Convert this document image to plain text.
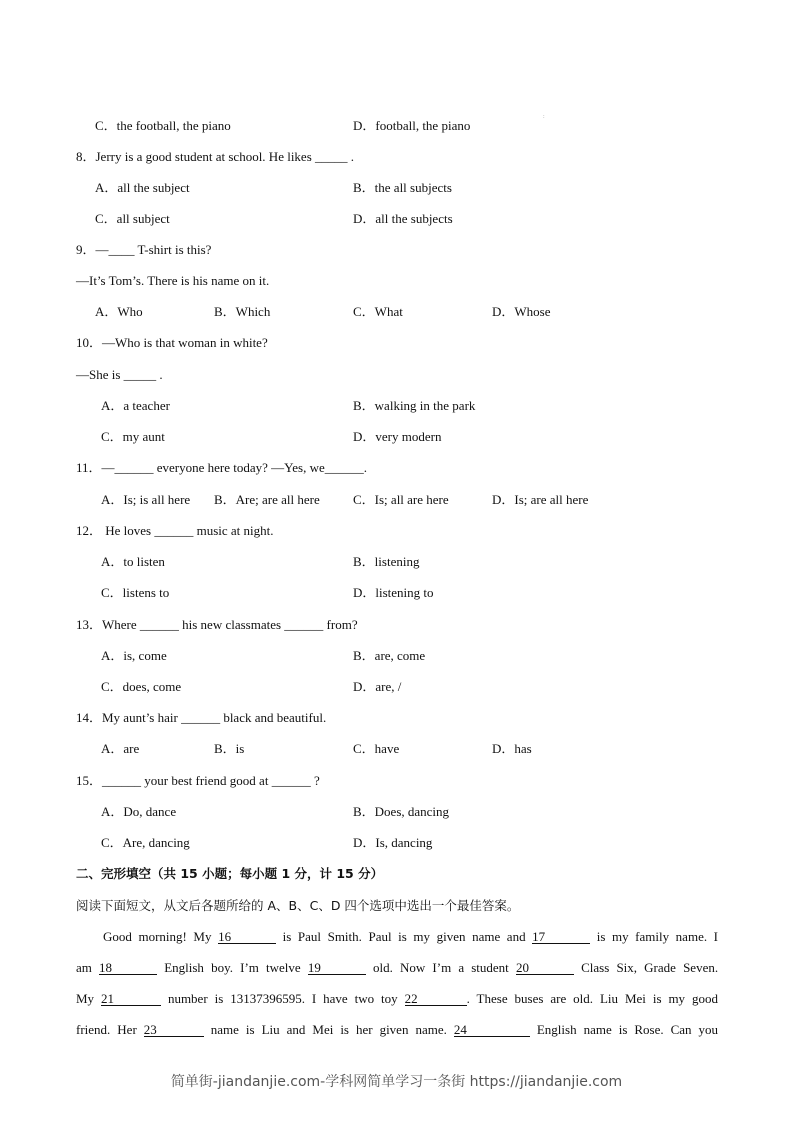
:
C．the football, the piano	D．football, the piano
8．Jerry is a good student at school. He likes _____ .
A．all the subject	B．the all subjects
C．all subject	D．all the subjects
9．—____ T-shirt is this?
—It’s Tom’s. There is his name on it.
A．Who	B．Which	C．What	D．Whose
10．—Who is that woman in white?
—She is _____ .
A．a teacher	B．walking in the park
C．my aunt	D．very modern
11．—______ everyone here today? —Yes, we______.
A．Is; is all here B．Are; are all here	C．Is; all are here	D．Is; are all here
12． He loves ______ music at night.
A．to listen	B．listening
C．listens to	D．listening to
13．Where ______ his new classmates ______ from?
A．is, come	B．are, come
C．does, come	D．are, /
14．My aunt’s hair ______ black and beautiful.
A．are	B．is	C．have	D．has
15．______ your best friend good at ______ ?
A．Do, dance	B．Does, dancing
C．Are, dancing	D．Is, dancing
二、完形填空（共 15 小题；每小题 1 分，计 15 分）
阅读下面短文，从文后各题所给的 A、B、C、D 四个选项中选出一个最佳答案。
Good morning! My 16	is Paul Smith. Paul is my given name and 17	is my family name. I
am 18	English boy. I’m twelve 19	old. Now I’m a student 20	Class Six, Grade Seven.
My 21	number is 13137396595. I have two toy 22	. These buses are old. Liu Mei is my good
friend. Her 23	name is Liu and Mei is her given name. 24	English name is Rose. Can you
简单街-jiandanjie.com-学科网简单学习一条街 https://jiandanjie.com
